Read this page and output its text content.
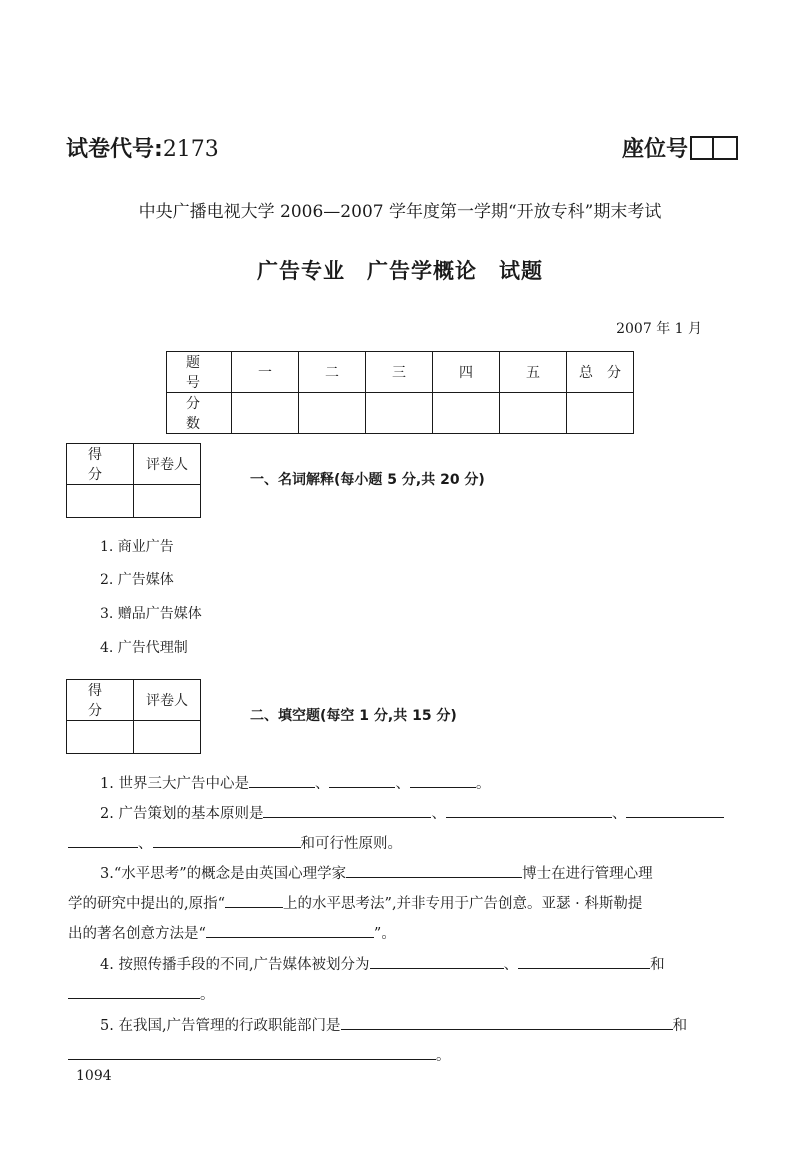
试卷代号:2173	座位号
中央广播电视大学 2006—2007 学年度第一学期“开放专科”期末考试
广告专业　广告学概论　试题
2007 年 1 月
题　号	一	二	三	四	五	总　分
分　数						
得　分	评卷人

一、名词解释(每小题 5 分,共 20 分)
1. 商业广告
2. 广告媒体
3. 赠品广告媒体
4. 广告代理制
得　分	评卷人

二、填空题(每空 1 分,共 15 分)
1. 世界三大广告中心是	、	、	。
2. 广告策划的基本原则是	、	、
、	和可行性原则。
3.“水平思考”的概念是由英国心理学家	博士在进行管理心理
学的研究中提出的,原指“	上的水平思考法”,并非专用于广告创意。亚瑟 · 科斯勒提
出的著名创意方法是“	”。
4. 按照传播手段的不同,广告媒体被划分为	、	和
。
5. 在我国,广告管理的行政职能部门是	和
。
1094
